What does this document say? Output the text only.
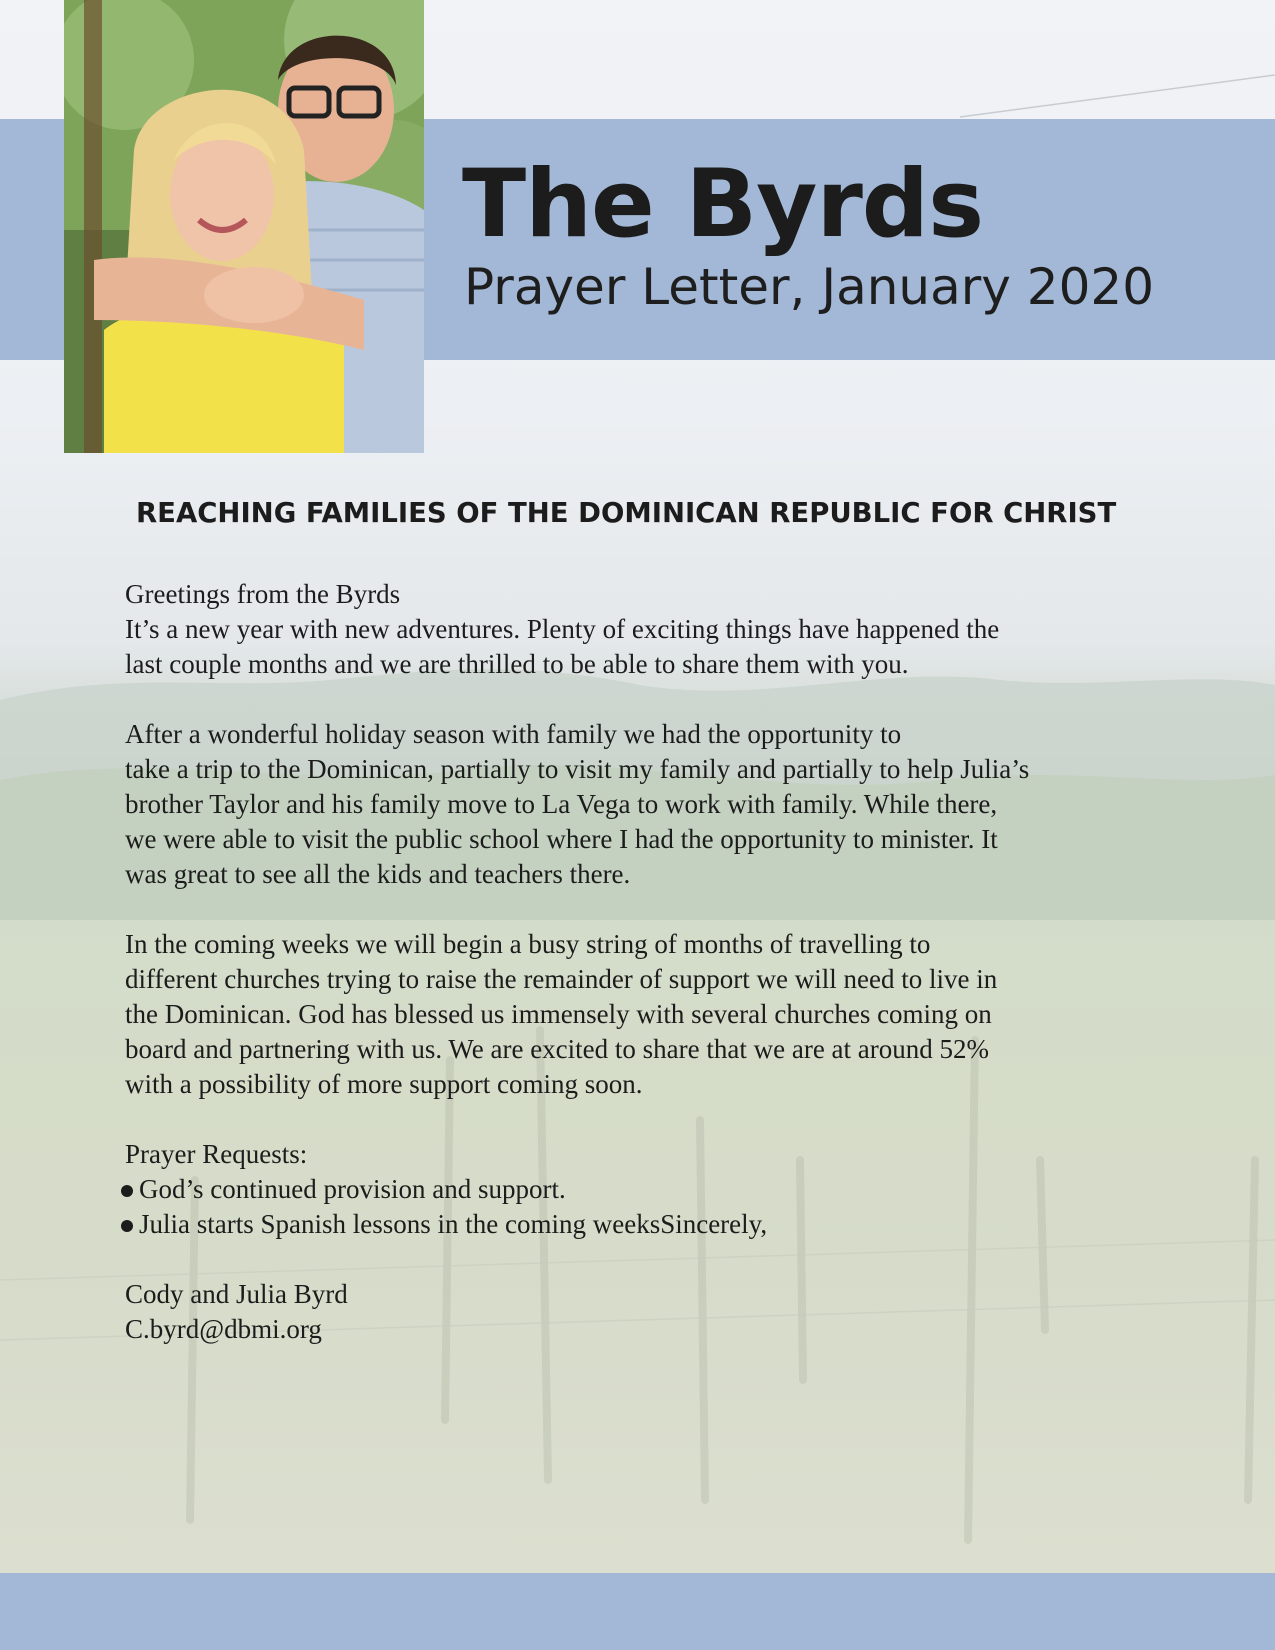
The Byrds
Prayer Letter, January 2020
REACHING FAMILIES OF THE DOMINICAN REPUBLIC FOR CHRIST

Greetings from the Byrds

It’s a new year with new adventures. Plenty of exciting things have happened the

last couple months and we are thrilled to be able to share them with you.

After a wonderful holiday season with family we had the opportunity to

take a trip to the Dominican, partially to visit my family and partially to help Julia’s

brother Taylor and his family move to La Vega to work with family. While there,

we were able to visit the public school where I had the opportunity to minister. It

was great to see all the kids and teachers there.

In the coming weeks we will begin a busy string of months of travelling to

different churches trying to raise the remainder of support we will need to live in

the Dominican. God has blessed us immensely with several churches coming on

board and partnering with us. We are excited to share that we are at around 52%

with a possibility of more support coming soon.

Prayer Requests:

God’s continued provision and support.

Julia starts Spanish lessons in the coming weeksSincerely,

Cody and Julia Byrd

C.byrd@dbmi.org
